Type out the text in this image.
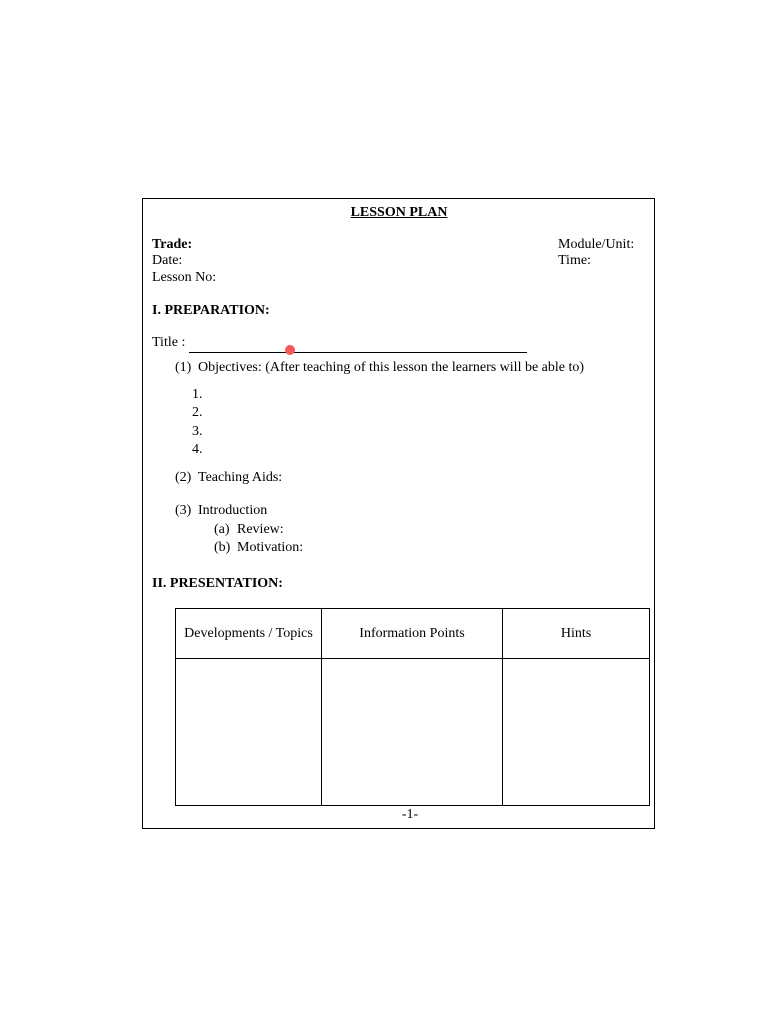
LESSON PLAN
Trade:
Date:
Lesson No:
Module/Unit:
Time:
I. PREPARATION:
Title :
(1) Objectives: (After teaching of this lesson the learners will be able to)
1.
2.
3.
4.
(2) Teaching Aids:
(3) Introduction
(a) Review:
(b) Motivation:
II. PRESENTATION:
Developments / Topics	Information Points	Hints

-1-
